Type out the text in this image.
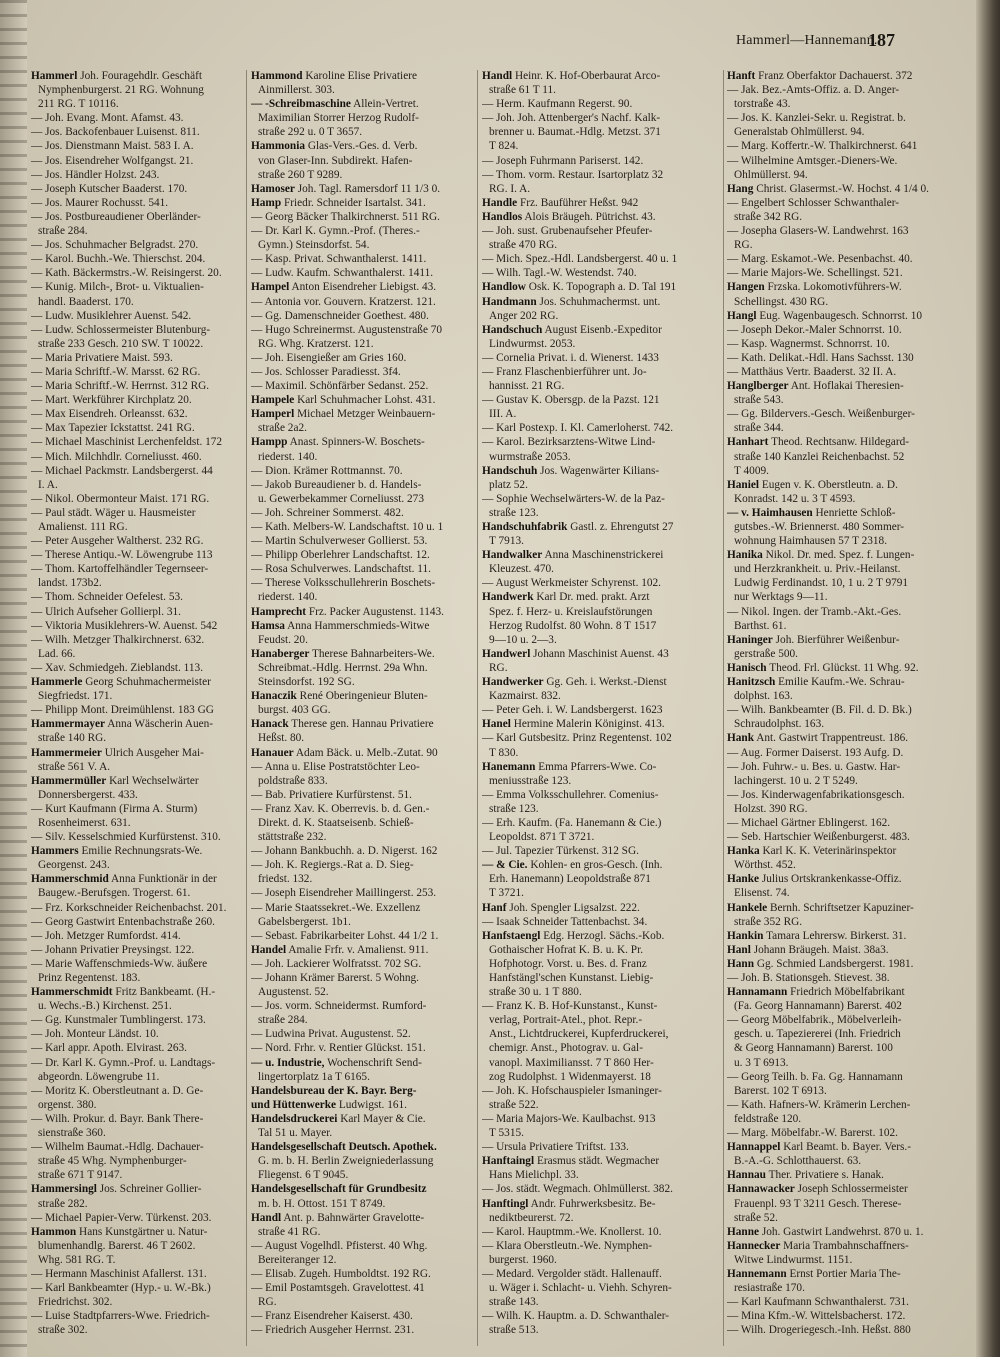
Hammerl—Hannemann.
187
Hammerl Joh. Fouragehdlr. Geschäft
Nymphenburgerst. 21 RG. Wohnung
211 RG. T 10116.
— Joh. Evang. Mont. Afamst. 43.
— Jos. Backofenbauer Luisenst. 811.
— Jos. Dienstmann Maist. 583 I. A.
— Jos. Eisendreher Wolfgangst. 21.
— Jos. Händler Holzst. 243.
— Joseph Kutscher Baaderst. 170.
— Jos. Maurer Rochusst. 541.
— Jos. Postbureaudiener Oberländer-
straße 284.
— Jos. Schuhmacher Belgradst. 270.
— Karol. Buchh.-We. Thierschst. 204.
— Kath. Bäckermstrs.-W. Reisingerst. 20.
— Kunig. Milch-, Brot- u. Viktualien-
handl. Baaderst. 170.
— Ludw. Musiklehrer Auenst. 542.
— Ludw. Schlossermeister Blutenburg-
straße 233 Gesch. 210 SW. T 10022.
— Maria Privatiere Maist. 593.
— Maria Schriftf.-W. Marsst. 62 RG.
— Maria Schriftf.-W. Herrnst. 312 RG.
— Mart. Werkführer Kirchplatz 20.
— Max Eisendreh. Orleansst. 632.
— Max Tapezier Ickstattst. 241 RG.
— Michael Maschinist Lerchenfeldst. 172
— Mich. Milchhdlr. Corneliusst. 460.
— Michael Packmstr. Landsbergerst. 44
I. A.
— Nikol. Obermonteur Maist. 171 RG.
— Paul städt. Wäger u. Hausmeister
Amalienst. 111 RG.
— Peter Ausgeher Waltherst. 232 RG.
— Therese Antiqu.-W. Löwengrube 113
— Thom. Kartoffelhändler Tegernseer-
landst. 173b2.
— Thom. Schneider Oefelest. 53.
— Ulrich Aufseher Gollierpl. 31.
— Viktoria Musiklehrers-W. Auenst. 542
— Wilh. Metzger Thalkirchnerst. 632.
Lad. 66.
— Xav. Schmiedgeh. Zieblandst. 113.
Hammerle Georg Schuhmachermeister
Siegfriedst. 171.
— Philipp Mont. Dreimühlenst. 183 GG
Hammermayer Anna Wäscherin Auen-
straße 140 RG.
Hammermeier Ulrich Ausgeher Mai-
straße 561 V. A.
Hammermüller Karl Wechselwärter
Donnersbergerst. 433.
— Kurt Kaufmann (Firma A. Sturm)
Rosenheimerst. 631.
— Silv. Kesselschmied Kurfürstenst. 310.
Hammers Emilie Rechnungsrats-We.
Georgenst. 243.
Hammerschmid Anna Funktionär in der
Baugew.-Berufsgen. Trogerst. 61.
— Frz. Korkschneider Reichenbachst. 201.
— Georg Gastwirt Entenbachstraße 260.
— Joh. Metzger Rumfordst. 414.
— Johann Privatier Preysingst. 122.
— Marie Waffenschmieds-Ww. äußere
Prinz Regentenst. 183.
Hammerschmidt Fritz Bankbeamt. (H.-
u. Wechs.-B.) Kirchenst. 251.
— Gg. Kunstmaler Tumblingerst. 173.
— Joh. Monteur Ländst. 10.
— Karl appr. Apoth. Elvirast. 263.
— Dr. Karl K. Gymn.-Prof. u. Landtags-
abgeordn. Löwengrube 11.
— Moritz K. Oberstleutnant a. D. Ge-
orgenst. 380.
— Wilh. Prokur. d. Bayr. Bank There-
sienstraße 360.
— Wilhelm Baumat.-Hdlg. Dachauer-
straße 45 Whg. Nymphenburger-
straße 671 T 9147.
Hammersingl Jos. Schreiner Gollier-
straße 282.
— Michael Papier-Verw. Türkenst. 203.
Hammon Hans Kunstgärtner u. Natur-
blumenhandlg. Barerst. 46 T 2602.
Whg. 581 RG. T.
— Hermann Maschinist Afallerst. 131.
— Karl Bankbeamter (Hyp.- u. W.-Bk.)
Friedrichst. 302.
— Luise Stadtpfarrers-Wwe. Friedrich-
straße 302.
Hammond Karoline Elise Privatiere
Ainmillerst. 303.
— -Schreibmaschine Allein-Vertret.
Maximilian Storrer Herzog Rudolf-
straße 292 u. 0 T 3657.
Hammonia Glas-Vers.-Ges. d. Verb.
von Glaser-Inn. Subdirekt. Hafen-
straße 260 T 9289.
Hamoser Joh. Tagl. Ramersdorf 11 1/3 0.
Hamp Friedr. Schneider Isartalst. 341.
— Georg Bäcker Thalkirchnerst. 511 RG.
— Dr. Karl K. Gymn.-Prof. (Theres.-
Gymn.) Steinsdorfst. 54.
— Kasp. Privat. Schwanthalerst. 1411.
— Ludw. Kaufm. Schwanthalerst. 1411.
Hampel Anton Eisendreher Liebigst. 43.
— Antonia vor. Gouvern. Kratzerst. 121.
— Gg. Damenschneider Goethest. 480.
— Hugo Schreinermst. Augustenstraße 70
RG. Whg. Kratzerst. 121.
— Joh. Eisengießer am Gries 160.
— Jos. Schlosser Paradiesst. 3f4.
— Maximil. Schönfärber Sedanst. 252.
Hampele Karl Schuhmacher Lohst. 431.
Hamperl Michael Metzger Weinbauern-
straße 2a2.
Hampp Anast. Spinners-W. Boschets-
riederst. 140.
— Dion. Krämer Rottmannst. 70.
— Jakob Bureaudiener b. d. Handels-
u. Gewerbekammer Corneliusst. 273
— Joh. Schreiner Sommerst. 482.
— Kath. Melbers-W. Landschaftst. 10 u. 1
— Martin Schulverweser Gollierst. 53.
— Philipp Oberlehrer Landschaftst. 12.
— Rosa Schulverwes. Landschaftst. 11.
— Therese Volksschullehrerin Boschets-
riederst. 140.
Hamprecht Frz. Packer Augustenst. 1143.
Hamsa Anna Hammerschmieds-Witwe
Feudst. 20.
Hanaberger Therese Bahnarbeiters-We.
Schreibmat.-Hdlg. Herrnst. 29a Whn.
Steinsdorfst. 192 SG.
Hanaczik René Oberingenieur Bluten-
burgst. 403 GG.
Hanack Therese gen. Hannau Privatiere
Heßst. 80.
Hanauer Adam Bäck. u. Melb.-Zutat. 90
— Anna u. Elise Postratstöchter Leo-
poldstraße 833.
— Bab. Privatiere Kurfürstenst. 51.
— Franz Xav. K. Oberrevis. b. d. Gen.-
Direkt. d. K. Staatseisenb. Schieß-
stättstraße 232.
— Johann Bankbuchh. a. D. Nigerst. 162
— Joh. K. Regiergs.-Rat a. D. Sieg-
friedst. 132.
— Joseph Eisendreher Maillingerst. 253.
— Marie Staatssekret.-We. Exzellenz
Gabelsbergerst. 1b1.
— Sebast. Fabrikarbeiter Lohst. 44 1/2 1.
Handel Amalie Frfr. v. Amalienst. 911.
— Joh. Lackierer Wolfratsst. 702 SG.
— Johann Krämer Barerst. 5 Wohng.
Augustenst. 52.
— Jos. vorm. Schneidermst. Rumford-
straße 284.
— Ludwina Privat. Augustenst. 52.
— Nord. Frhr. v. Rentier Glückst. 151.
— u. Industrie, Wochenschrift Send-
lingertorplatz 1a T 6165.
Handelsbureau der K. Bayr. Berg-
und Hüttenwerke Ludwigst. 161.
Handelsdruckerei Karl Mayer & Cie.
Tal 51 u. Mayer.
Handelsgesellschaft Deutsch. Apothek.
G. m. b. H. Berlin Zweigniederlassung
Fliegenst. 6 T 9045.
Handelsgesellschaft für Grundbesitz
m. b. H. Ottost. 151 T 8749.
Handl Ant. p. Bahnwärter Gravelotte-
straße 41 RG.
— August Vogelhdl. Pfisterst. 40 Whg.
Bereiteranger 12.
— Elisab. Zugeh. Humboldtst. 192 RG.
— Emil Postamtsgeh. Gravelottest. 41
RG.
— Franz Eisendreher Kaiserst. 430.
— Friedrich Ausgeher Herrnst. 231.
Handl Heinr. K. Hof-Oberbaurat Arco-
straße 61 T 11.
— Herm. Kaufmann Regerst. 90.
— Joh. Joh. Attenberger's Nachf. Kalk-
brenner u. Baumat.-Hdlg. Metzst. 371
T 824.
— Joseph Fuhrmann Pariserst. 142.
— Thom. vorm. Restaur. Isartorplatz 32
RG. I. A.
Handle Frz. Bauführer Heßst. 942
Handlos Alois Bräugeh. Pütrichst. 43.
— Joh. sust. Grubenaufseher Pfeufer-
straße 470 RG.
— Mich. Spez.-Hdl. Landsbergerst. 40 u. 1
— Wilh. Tagl.-W. Westendst. 740.
Handlow Osk. K. Topograph a. D. Tal 191
Handmann Jos. Schuhmachermst. unt.
Anger 202 RG.
Handschuch August Eisenb.-Expeditor
Lindwurmst. 2053.
— Cornelia Privat. i. d. Wienerst. 1433
— Franz Flaschenbierführer unt. Jo-
hannisst. 21 RG.
— Gustav K. Obersgp. de la Pazst. 121
III. A.
— Karl Postexp. I. Kl. Camerloherst. 742.
— Karol. Bezirksarztens-Witwe Lind-
wurmstraße 2053.
Handschuh Jos. Wagenwärter Kilians-
platz 52.
— Sophie Wechselwärters-W. de la Paz-
straße 123.
Handschuhfabrik Gastl. z. Ehrengutst 27
T 7913.
Handwalker Anna Maschinenstrickerei
Kleuzest. 470.
— August Werkmeister Schyrenst. 102.
Handwerk Karl Dr. med. prakt. Arzt
Spez. f. Herz- u. Kreislaufstörungen
Herzog Rudolfst. 80 Wohn. 8 T 1517
9—10 u. 2—3.
Handwerl Johann Maschinist Auenst. 43
RG.
Handwerker Gg. Geh. i. Werkst.-Dienst
Kazmairst. 832.
— Peter Geh. i. W. Landsbergerst. 1623
Hanel Hermine Malerin Königinst. 413.
— Karl Gutsbesitz. Prinz Regentenst. 102
T 830.
Hanemann Emma Pfarrers-Wwe. Co-
meniusstraße 123.
— Emma Volksschullehrer. Comenius-
straße 123.
— Erh. Kaufm. (Fa. Hanemann & Cie.)
Leopoldst. 871 T 3721.
— Jul. Tapezier Türkenst. 312 SG.
— & Cie. Kohlen- en gros-Gesch. (Inh.
Erh. Hanemann) Leopoldstraße 871
T 3721.
Hanf Joh. Spengler Ligsalzst. 222.
— Isaak Schneider Tattenbachst. 34.
Hanfstaengl Edg. Herzogl. Sächs.-Kob.
Gothaischer Hofrat K. B. u. K. Pr.
Hofphotogr. Vorst. u. Bes. d. Franz
Hanfstängl'schen Kunstanst. Liebig-
straße 30 u. 1 T 880.
— Franz K. B. Hof-Kunstanst., Kunst-
verlag, Portrait-Atel., phot. Repr.-
Anst., Lichtdruckerei, Kupferdruckerei,
chemigr. Anst., Photograv. u. Gal-
vanopl. Maximiliansst. 7 T 860 Her-
zog Rudolphst. 1 Widenmayerst. 18
— Joh. K. Hofschauspieler Ismaninger-
straße 522.
— Maria Majors-We. Kaulbachst. 913
T 5315.
— Ursula Privatiere Triftst. 133.
Hanftaingl Erasmus städt. Wegmacher
Hans Mielichpl. 33.
— Jos. städt. Wegmach. Ohlmüllerst. 382.
Hanftingl Andr. Fuhrwerksbesitz. Be-
nediktbeurerst. 72.
— Karol. Hauptmm.-We. Knollerst. 10.
— Klara Oberstleutn.-We. Nymphen-
burgerst. 1960.
— Medard. Vergolder städt. Hallenauff.
u. Wäger i. Schlacht- u. Viehh. Schyren-
straße 143.
— Wilh. K. Hauptm. a. D. Schwanthaler-
straße 513.
Hanft Franz Oberfaktor Dachauerst. 372
— Jak. Bez.-Amts-Offiz. a. D. Anger-
torstraße 43.
— Jos. K. Kanzlei-Sekr. u. Registrat. b.
Generalstab Ohlmüllerst. 94.
— Marg. Koffertr.-W. Thalkirchnerst. 641
— Wilhelmine Amtsger.-Dieners-We.
Ohlmüllerst. 94.
Hang Christ. Glasermst.-W. Hochst. 4 1/4 0.
— Engelbert Schlosser Schwanthaler-
straße 342 RG.
— Josepha Glasers-W. Landwehrst. 163
RG.
— Marg. Eskamot.-We. Pesenbachst. 40.
— Marie Majors-We. Schellingst. 521.
Hangen Frzska. Lokomotivführers-W.
Schellingst. 430 RG.
Hangl Eug. Wagenbaugesch. Schnorrst. 10
— Joseph Dekor.-Maler Schnorrst. 10.
— Kasp. Wagnermst. Schnorrst. 10.
— Kath. Delikat.-Hdl. Hans Sachsst. 130
— Matthäus Vertr. Baaderst. 32 II. A.
Hanglberger Ant. Hoflakai Theresien-
straße 543.
— Gg. Bildervers.-Gesch. Weißenburger-
straße 344.
Hanhart Theod. Rechtsanw. Hildegard-
straße 140 Kanzlei Reichenbachst. 52
T 4009.
Haniel Eugen v. K. Oberstleutn. a. D.
Konradst. 142 u. 3 T 4593.
— v. Haimhausen Henriette Schloß-
gutsbes.-W. Briennerst. 480 Sommer-
wohnung Haimhausen 57 T 2318.
Hanika Nikol. Dr. med. Spez. f. Lungen-
und Herzkrankheit. u. Priv.-Heilanst.
Ludwig Ferdinandst. 10, 1 u. 2 T 9791
nur Werktags 9—11.
— Nikol. Ingen. der Tramb.-Akt.-Ges.
Barthst. 61.
Haninger Joh. Bierführer Weißenbur-
gerstraße 500.
Hanisch Theod. Frl. Glückst. 11 Whg. 92.
Hanitzsch Emilie Kaufm.-We. Schrau-
dolphst. 163.
— Wilh. Bankbeamter (B. Fil. d. D. Bk.)
Schraudolphst. 163.
Hank Ant. Gastwirt Trappentreust. 186.
— Aug. Former Daiserst. 193 Aufg. D.
— Joh. Fuhrw.- u. Bes. u. Gastw. Har-
lachingerst. 10 u. 2 T 5249.
— Jos. Kinderwagenfabrikationsgesch.
Holzst. 390 RG.
— Michael Gärtner Eblingerst. 162.
— Seb. Hartschier Weißenburgerst. 483.
Hanka Karl K. K. Veterinärinspektor
Wörthst. 452.
Hanke Julius Ortskrankenkasse-Offiz.
Elisenst. 74.
Hankele Bernh. Schriftsetzer Kapuziner-
straße 352 RG.
Hankin Tamara Lehrersw. Birkerst. 31.
Hanl Johann Bräugeh. Maist. 38a3.
Hann Gg. Schmied Landsbergerst. 1981.
— Joh. B. Stationsgeh. Stievest. 38.
Hannamann Friedrich Möbelfabrikant
(Fa. Georg Hannamann) Barerst. 402
— Georg Möbelfabrik., Möbelverleih-
gesch. u. Tapeziererei (Inh. Friedrich
& Georg Hannamann) Barerst. 100
u. 3 T 6913.
— Georg Teilh. b. Fa. Gg. Hannamann
Barerst. 102 T 6913.
— Kath. Hafners-W. Krämerin Lerchen-
feldstraße 120.
— Marg. Möbelfabr.-W. Barerst. 102.
Hannappel Karl Beamt. b. Bayer. Vers.-
B.-A.-G. Schlotthauerst. 63.
Hannau Ther. Privatiere s. Hanak.
Hannawacker Joseph Schlossermeister
Frauenpl. 93 T 3211 Gesch. Therese-
straße 52.
Hanne Joh. Gastwirt Landwehrst. 870 u. 1.
Hannecker Maria Trambahnschaffners-
Witwe Lindwurmst. 1151.
Hannemann Ernst Portier Maria The-
resiastraße 170.
— Karl Kaufmann Schwanthalerst. 731.
— Mina Kfm.-W. Wittelsbacherst. 172.
— Wilh. Drogeriegesch.-Inh. Heßst. 880
